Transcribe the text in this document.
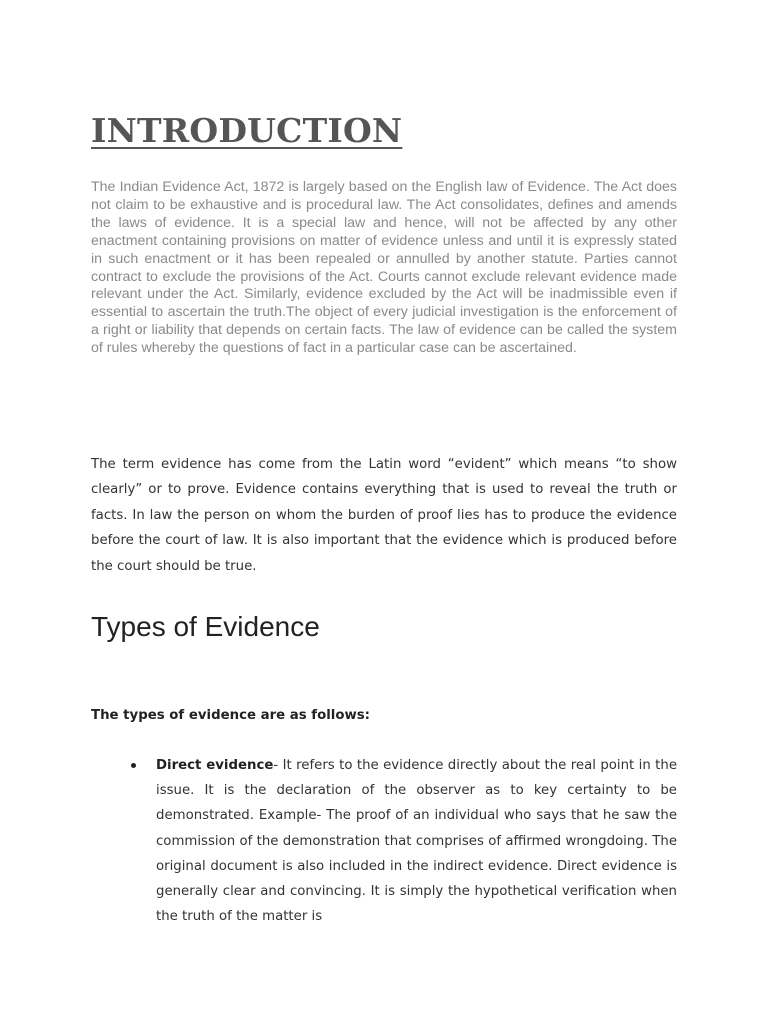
INTRODUCTION

The Indian Evidence Act, 1872 is largely based on the English law of Evidence. The Act does not claim to be exhaustive and is procedural law. The Act consolidates, defines and amends the laws of evidence. It is a special law and hence, will not be affected by any other enactment containing provisions on matter of evidence unless and until it is expressly stated in such enactment or it has been repealed or annulled by another statute. Parties cannot contract to exclude the provisions of the Act. Courts cannot exclude relevant evidence made relevant under the Act. Similarly, evidence excluded by the Act will be inadmissible even if essential to ascertain the truth.The object of every judicial investigation is the enforcement of a right or liability that depends on certain facts. The law of evidence can be called the system of rules whereby the questions of fact in a particular case can be ascertained.

The term evidence has come from the Latin word “evident” which means “to show clearly” or to prove. Evidence contains everything that is used to reveal the truth or facts. In law the person on whom the burden of proof lies has to produce the evidence before the court of law. It is also important that the evidence which is produced before the court should be true.

Types of Evidence

The types of evidence are as follows:

Direct evidence- It refers to the evidence directly about the real point in the issue. It is the declaration of the observer as to key certainty to be demonstrated. Example- The proof of an individual who says that he saw the commission of the demonstration that comprises of affirmed wrongdoing. The original document is also included in the indirect evidence. Direct evidence is generally clear and convincing. It is simply the hypothetical verification when the truth of the matter is
